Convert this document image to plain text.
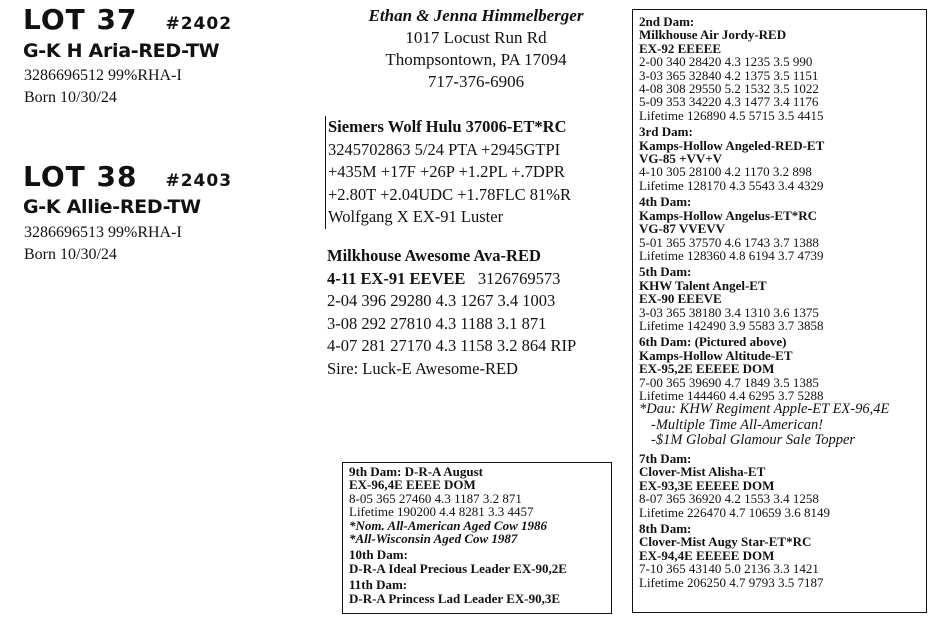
LOT 37 #2402
G-K H Aria-RED-TW
3286696512 99%RHA-I
Born 10/30/24
LOT 38 #2403
G-K Allie-RED-TW
3286696513 99%RHA-I
Born 10/30/24
Ethan & Jenna Himmelberger
1017 Locust Run Rd
Thompsontown, PA 17094
717-376-6906
Siemers Wolf Hulu 37006-ET*RC
3245702863 5/24 PTA +2945GTPI
+435M +17F +26P +1.2PL +.7DPR
+2.80T +2.04UDC +1.78FLC 81%R
Wolfgang X EX-91 Luster
Milkhouse Awesome Ava-RED
4-11 EX-91 EEVEE 3126769573
2-04 396 29280 4.3 1267 3.4 1003
3-08 292 27810 4.3 1188 3.1 871
4-07 281 27170 4.3 1158 3.2 864 RIP
Sire: Luck-E Awesome-RED
9th Dam: D-R-A August
EX-96,4E EEEE DOM
8-05 365 27460 4.3 1187 3.2 871
Lifetime 190200 4.4 8281 3.3 4457
*Nom. All-American Aged Cow 1986
*All-Wisconsin Aged Cow 1987
10th Dam:
D-R-A Ideal Precious Leader EX-90,2E
11th Dam:
D-R-A Princess Lad Leader EX-90,3E
2nd Dam:
Milkhouse Air Jordy-RED
EX-92 EEEEE
2-00 340 28420 4.3 1235 3.5 990
3-03 365 32840 4.2 1375 3.5 1151
4-08 308 29550 5.2 1532 3.5 1022
5-09 353 34220 4.3 1477 3.4 1176
Lifetime 126890 4.5 5715 3.5 4415
3rd Dam:
Kamps-Hollow Angeled-RED-ET
VG-85 +VV+V
4-10 305 28100 4.2 1170 3.2 898
Lifetime 128170 4.3 5543 3.4 4329
4th Dam:
Kamps-Hollow Angelus-ET*RC
VG-87 VVEVV
5-01 365 37570 4.6 1743 3.7 1388
Lifetime 128360 4.8 6194 3.7 4739
5th Dam:
KHW Talent Angel-ET
EX-90 EEEVE
3-03 365 38180 3.4 1310 3.6 1375
Lifetime 142490 3.9 5583 3.7 3858
6th Dam: (Pictured above)
Kamps-Hollow Altitude-ET
EX-95,2E EEEEE DOM
7-00 365 39690 4.7 1849 3.5 1385
Lifetime 144460 4.4 6295 3.7 5288
*Dau: KHW Regiment Apple-ET EX-96,4E
-Multiple Time All-American!
-$1M Global Glamour Sale Topper
7th Dam:
Clover-Mist Alisha-ET
EX-93,3E EEEEE DOM
8-07 365 36920 4.2 1553 3.4 1258
Lifetime 226470 4.7 10659 3.6 8149
8th Dam:
Clover-Mist Augy Star-ET*RC
EX-94,4E EEEEE DOM
7-10 365 43140 5.0 2136 3.3 1421
Lifetime 206250 4.7 9793 3.5 7187
